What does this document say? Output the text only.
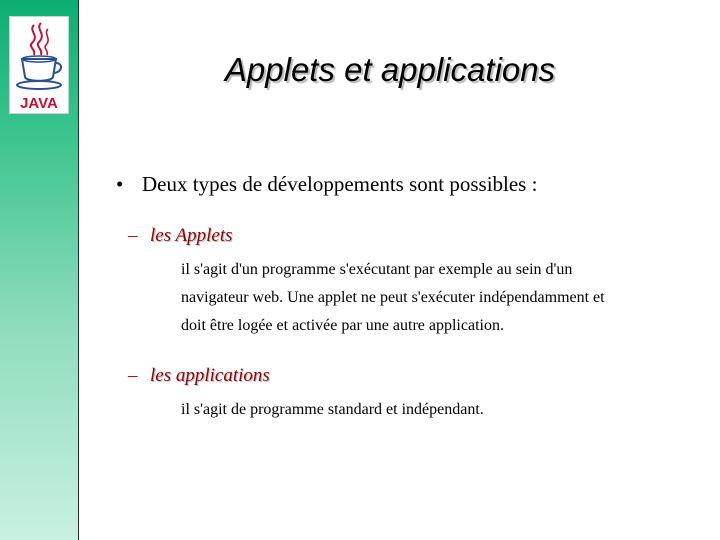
JAVA
Applets et applications
• Deux types de développements sont possibles :
– les Applets
il s'agit d'un programme s'exécutant par exemple au sein d'un
navigateur web. Une applet ne peut s'exécuter indépendamment et
doit être logée et activée par une autre application.
– les applications
il s'agit de programme standard et indépendant.
